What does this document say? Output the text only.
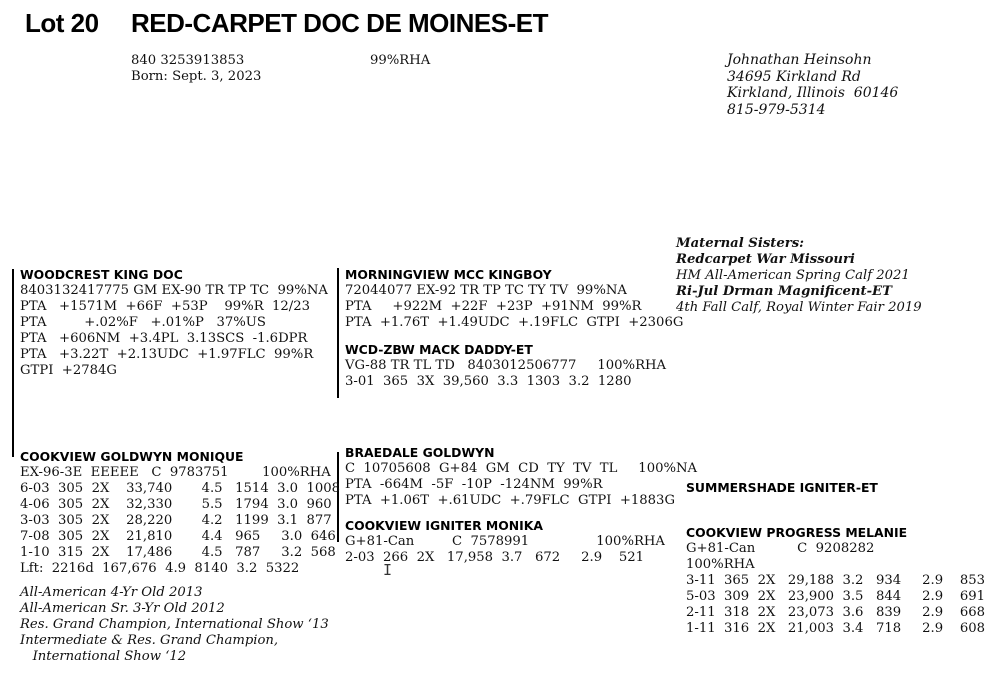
Lot 20 RED-CARPET DOC DE MOINES-ET
840 3253913853
Born: Sept. 3, 2023
99%RHA	Johnathan Heinsohn
34695 Kirkland Rd
Kirkland, Illinois  60146
815-979-5314
Maternal Sisters:
Redcarpet War Missouri
HM All-American Spring Calf 2021
Ri-Jul Drman Magnificent-ET
4th Fall Calf, Royal Winter Fair 2019
WOODCREST KING DOC
8403132417775 GM EX-90 TR TP TC  99%NA
PTA   +1571M  +66F  +53P    99%R  12/23
PTA         +.02%F   +.01%P   37%US
PTA   +606NM  +3.4PL  3.13SCS  -1.6DPR
PTA   +3.22T  +2.13UDC  +1.97FLC  99%R
GTPI  +2784G
MORNINGVIEW MCC KINGBOY
72044077 EX-92 TR TP TC TY TV  99%NA
PTA     +922M  +22F  +23P  +91NM  99%R
PTA  +1.76T  +1.49UDC  +.19FLC  GTPI  +2306G
WCD-ZBW MACK DADDY-ET
VG-88 TR TL TD   8403012506777     100%RHA
3-01  365  3X  39,560  3.3  1303  3.2  1280
COOKVIEW GOLDWYN MONIQUE
EX-96-3E  EEEEE   C  9783751        100%RHA
6-03  305  2X    33,740       4.5   1514  3.0  1008
4-06  305  2X    32,330       5.5   1794  3.0  960
3-03  305  2X    28,220       4.2   1199  3.1  877
7-08  305  2X    21,810       4.4   965     3.0  646
1-10  315  2X    17,486       4.5   787     3.2  568
Lft:  2216d  167,676  4.9  8140  3.2  5322
All-American 4-Yr Old 2013
All-American Sr. 3-Yr Old 2012
Res. Grand Champion, International Show ‘13
Intermediate & Res. Grand Champion,
International Show ‘12
BRAEDALE GOLDWYN
C  10705608  G+84  GM  CD  TY  TV  TL     100%NA
PTA  -664M  -5F  -10P  -124NM  99%R
PTA  +1.06T  +.61UDC  +.79FLC  GTPI  +1883G
COOKVIEW IGNITER MONIKA
G+81-Can         C  7578991                100%RHA
2-03  266  2X   17,958  3.7   672     2.9    521
I
SUMMERSHADE IGNITER-ET
COOKVIEW PROGRESS MELANIE
G+81-Can          C  9208282
100%RHA
3-11  365  2X   29,188  3.2   934     2.9    853
5-03  309  2X   23,900  3.5   844     2.9    691
2-11  318  2X   23,073  3.6   839     2.9    668
1-11  316  2X   21,003  3.4   718     2.9    608
